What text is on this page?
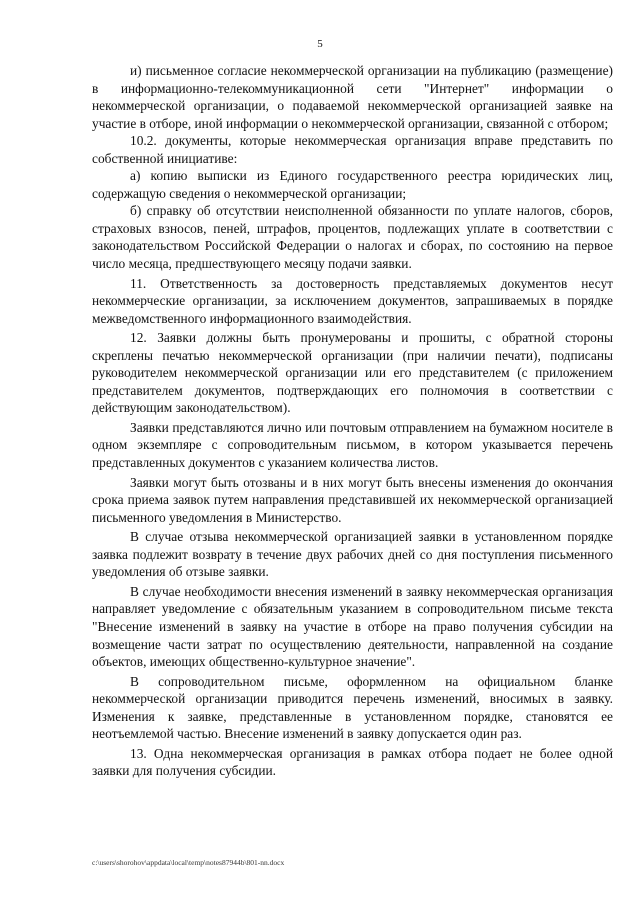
5

и) письменное согласие некоммерческой организации на публикацию (размещение) в информационно-телекоммуникационной сети "Интернет" информации о некоммерческой организации, о подаваемой некоммерческой организацией заявке на участие в отборе, иной информации о некоммерческой организации, связанной с отбором;

10.2. документы, которые некоммерческая организация вправе представить по собственной инициативе:

а) копию выписки из Единого государственного реестра юридических лиц, содержащую сведения о некоммерческой организации;

б) справку об отсутствии неисполненной обязанности по уплате налогов, сборов, страховых взносов, пеней, штрафов, процентов, подлежащих уплате в соответствии с законодательством Российской Федерации о налогах и сборах, по состоянию на первое число месяца, предшествующего месяцу подачи заявки.

11. Ответственность за достоверность представляемых документов несут некоммерческие организации, за исключением документов, запрашиваемых в порядке межведомственного информационного взаимодействия.

12. Заявки должны быть пронумерованы и прошиты, с обратной стороны скреплены печатью некоммерческой организации (при наличии печати), подписаны руководителем некоммерческой организации или его представителем (с приложением представителем документов, подтверждающих его полномочия в соответствии с действующим законодательством).

Заявки представляются лично или почтовым отправлением на бумажном носителе в одном экземпляре с сопроводительным письмом, в котором указывается перечень представленных документов с указанием количества листов.

Заявки могут быть отозваны и в них могут быть внесены изменения до окончания срока приема заявок путем направления представившей их некоммерческой организацией письменного уведомления в Министерство.

В случае отзыва некоммерческой организацией заявки в установленном порядке заявка подлежит возврату в течение двух рабочих дней со дня поступления письменного уведомления об отзыве заявки.

В случае необходимости внесения изменений в заявку некоммерческая организация направляет уведомление с обязательным указанием в сопроводительном письме текста "Внесение изменений в заявку на участие в отборе на право получения субсидии на возмещение части затрат по осуществлению деятельности, направленной на создание объектов, имеющих общественно-культурное значение".

В сопроводительном письме, оформленном на официальном бланке некоммерческой организации приводится перечень изменений, вносимых в заявку. Изменения к заявке, представленные в установленном порядке, становятся ее неотъемлемой частью. Внесение изменений в заявку допускается один раз.

13. Одна некоммерческая организация в рамках отбора подает не более одной заявки для получения субсидии.

c:\users\shorohov\appdata\local\temp\notes87944b\801-nn.docx
